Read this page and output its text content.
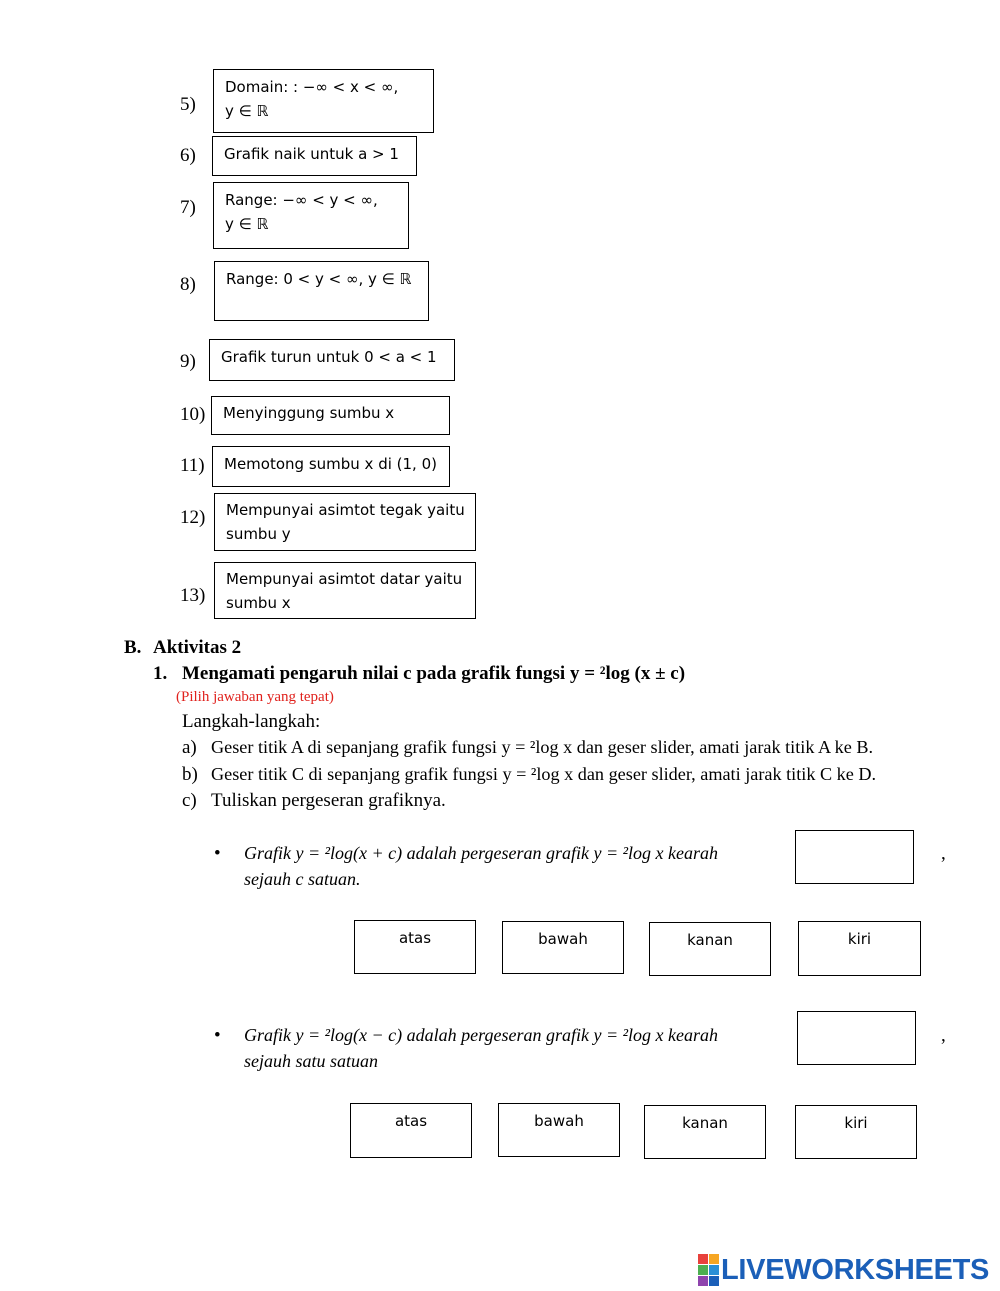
5)
Domain: : −∞ < x < ∞,
y ∈ ℝ
6) Grafik naik untuk a > 1
7) Range: −∞ < y < ∞,
y ∈ ℝ
8) Range: 0 < y < ∞, y ∈ ℝ
9) Grafik turun untuk 0 < a < 1
10) Menyinggung sumbu x
11) Memotong sumbu x di (1, 0)
12) Mempunyai asimtot tegak yaitu
sumbu y
13)
Mempunyai asimtot datar yaitu
sumbu x
B. Aktivitas 2
1. Mengamati pengaruh nilai c pada grafik fungsi y = ²log (x ± c)
(Pilih jawaban yang tepat)
Langkah-langkah:
a) Geser titik A di sepanjang grafik fungsi y = ²log x dan geser slider, amati jarak titik A ke B.
b) Geser titik C di sepanjang grafik fungsi y = ²log x dan geser slider, amati jarak titik C ke D.
c) Tuliskan pergeseran grafiknya.
• Grafik y = ²log(x + c) adalah pergeseran grafik y = ²log x kearah
sejauh c satuan.
,
atas	bawah	kanan	kiri
• Grafik y = ²log(x − c) adalah pergeseran grafik y = ²log x kearah
sejauh satu satuan
,
atas	bawah	kanan	kiri
LIVEWORKSHEETS
